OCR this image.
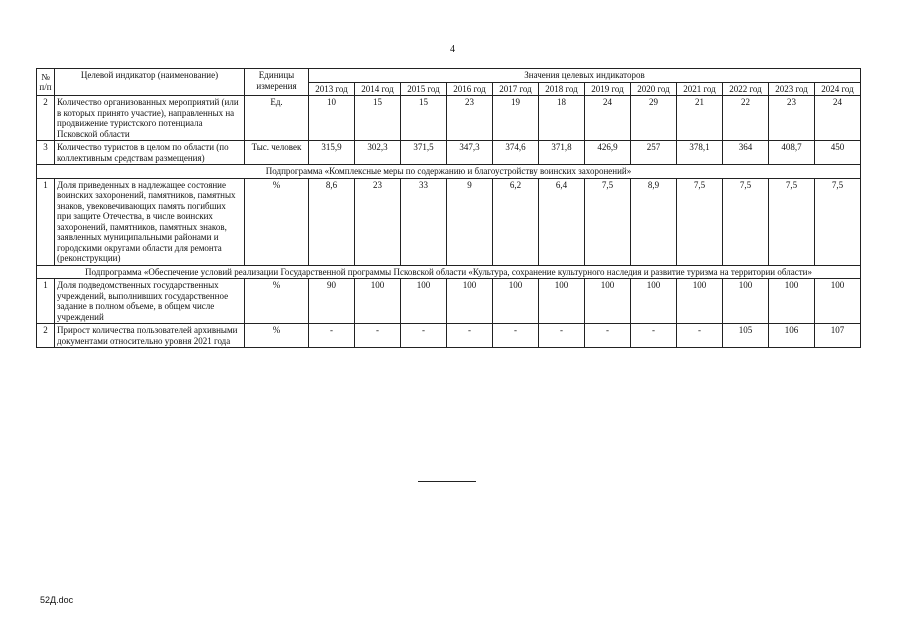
4
№ п/п	Целевой индикатор (наименование)	Единицы измерения	Значения целевых индикаторов											
			2013 год	2014 год	2015 год	2016 год	2017 год	2018 год	2019 год	2020 год	2021 год	2022 год	2023 год	2024 год
2	Количество организованных мероприятий (или в которых принято участие), направленных на продвижение туристского потенциала Псковской области	Ед.	10	15	15	23	19	18	24	29	21	22	23	24
3	Количество туристов в целом по области (по коллективным средствам размещения)	Тыс. человек	315,9	302,3	371,5	347,3	374,6	371,8	426,9	257	378,1	364	408,7	450
Подпрограмма «Комплексные меры по содержанию и благоустройству воинских захоронений»														
1	Доля приведенных в надлежащее состояние воинских захоронений, памятников, памятных знаков, увековечивающих память погибших при защите Отечества, в числе воинских захоронений, памятников, памятных знаков, заявленных муниципальными районами и городскими округами области для ремонта (реконструкции)	%	8,6	23	33	9	6,2	6,4	7,5	8,9	7,5	7,5	7,5	7,5
Подпрограмма «Обеспечение условий реализации Государственной программы Псковской области «Культура, сохранение культурного наследия и развитие туризма на территории области»														
1	Доля подведомственных государственных учреждений, выполнивших государственное задание в полном объеме, в общем числе учреждений	%	90	100	100	100	100	100	100	100	100	100	100	100
2	Прирост количества пользователей архивными документами относительно уровня 2021 года	%	-	-	-	-	-	-	-	-	-	105	106	107
52Д.doc
